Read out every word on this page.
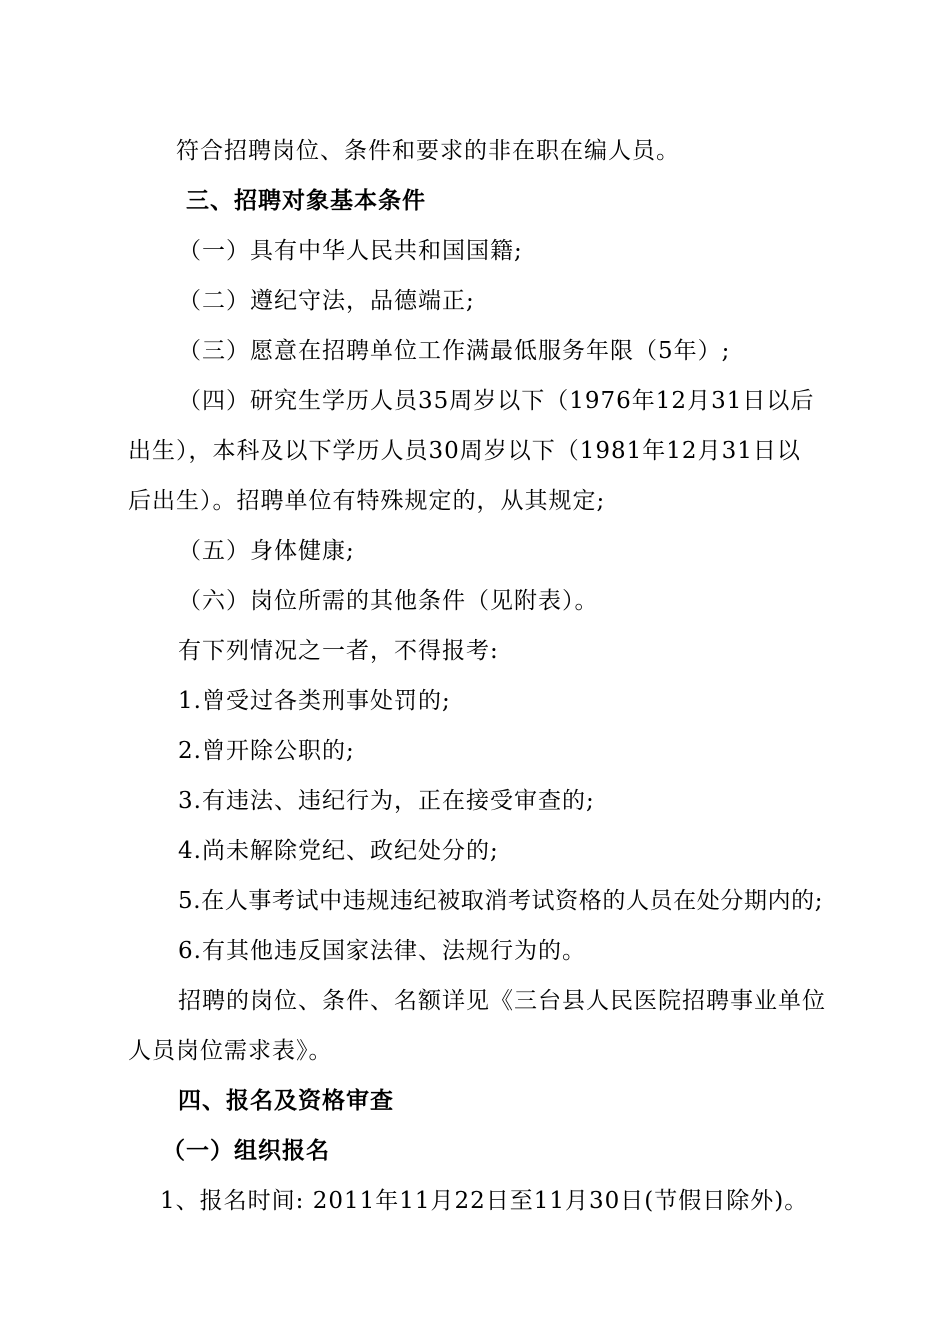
符合招聘岗位、条件和要求的非在职在编人员。
三、招聘对象基本条件
（一）具有中华人民共和国国籍;
（二）遵纪守法，品德端正;
（三）愿意在招聘单位工作满最低服务年限（5年）;
（四）研究生学历人员35周岁以下（1976年12月31日以后
出生），本科及以下学历人员30周岁以下（1981年12月31日以
后出生）。招聘单位有特殊规定的，从其规定;
（五）身体健康;
（六）岗位所需的其他条件（见附表）。
有下列情况之一者，不得报考:
1.曾受过各类刑事处罚的;
2.曾开除公职的;
3.有违法、违纪行为，正在接受审查的;
4.尚未解除党纪、政纪处分的;
5.在人事考试中违规违纪被取消考试资格的人员在处分期内的;
6.有其他违反国家法律、法规行为的。
招聘的岗位、条件、名额详见《三台县人民医院招聘事业单位
人员岗位需求表》。
四、报名及资格审查
（一）组织报名
1、报名时间: 2011年11月22日至11月30日(节假日除外)。
